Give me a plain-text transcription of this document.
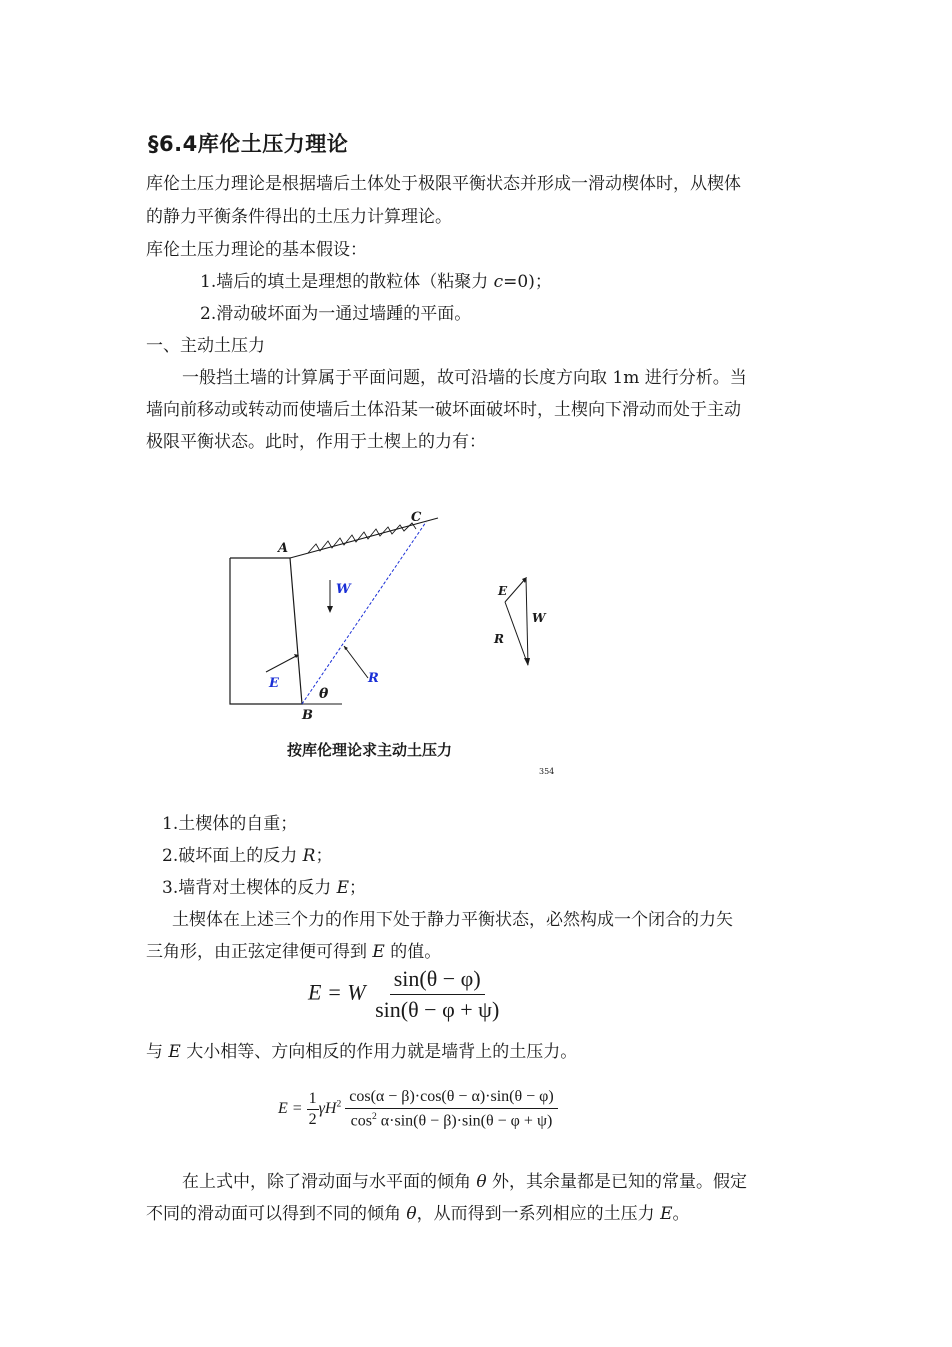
§6.4库伦土压力理论
库伦土压力理论是根据墙后土体处于极限平衡状态并形成一滑动楔体时，从楔体
的静力平衡条件得出的土压力计算理论。
库伦土压力理论的基本假设：
1.墙后的填土是理想的散粒体（粘聚力 c=0)；
2.滑动破坏面为一通过墙踵的平面。
一、主动土压力
一般挡土墙的计算属于平面问题，故可沿墙的长度方向取 1m 进行分析。当
墙向前移动或转动而使墙后土体沿某一破坏面破坏时，土楔向下滑动而处于主动
极限平衡状态。此时，作用于土楔上的力有：
A
C
B
W
E	R
θ
E
W
R
按库伦理论求主动土压力
354
1.土楔体的自重；
2.破坏面上的反力 R；
3.墙背对土楔体的反力 E；
土楔体在上述三个力的作用下处于静力平衡状态，必然构成一个闭合的力矢
三角形，由正弦定律便可得到 E 的值。
E = W $\frac{\sin(\theta - \varphi)}{\sin(\theta - \varphi + \psi)}$
与 E 大小相等、方向相反的作用力就是墙背上的土压力。
$E = \frac{1}{2} \gamma H^2 \frac{\cos(\alpha - \beta)\cdot\cos(\theta - \alpha)\cdot\sin(\theta - \varphi)}{\cos^2 \alpha\cdot\sin(\theta - \beta)\cdot\sin(\theta - \varphi + \psi)}$
在上式中，除了滑动面与水平面的倾角 θ 外，其余量都是已知的常量。假定
不同的滑动面可以得到不同的倾角 θ，从而得到一系列相应的土压力 E。
